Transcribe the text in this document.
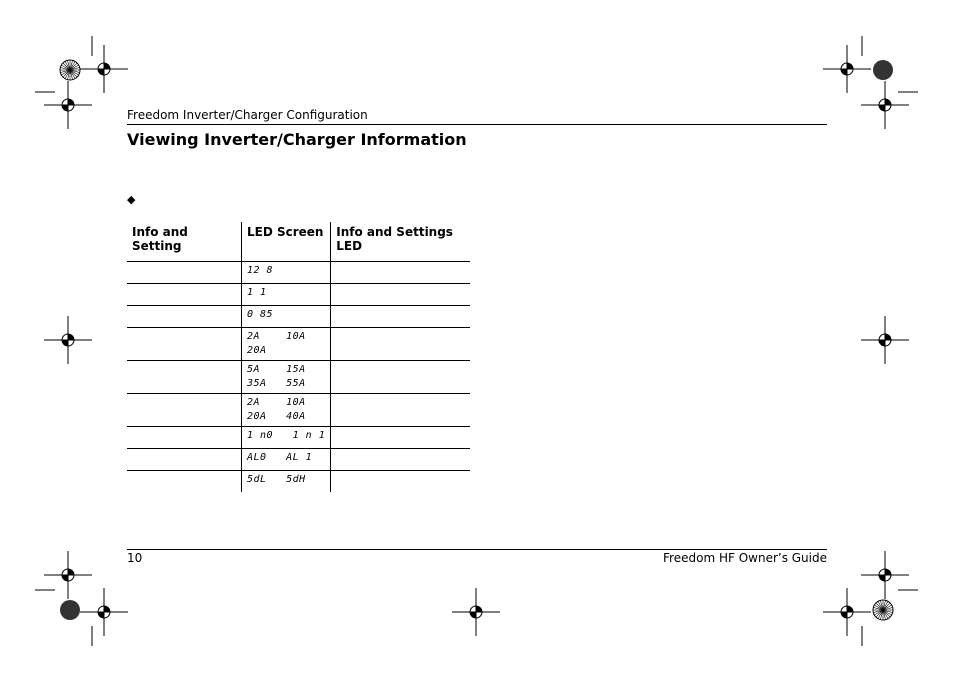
Freedom Inverter/Charger Configuration
Viewing Inverter/Charger Information
◆
Info and Setting	LED Screen	Info and Settings LED

	12 8	

	1 1	

	0 85	

	2A    10A
20A	

	5A    15A
35A   55A	

	2A    10A
20A   40A	

	1 n0   1 n 1	

	AL0   AL 1	

	5dL   5dH	

10	Freedom HF Owner’s Guide
